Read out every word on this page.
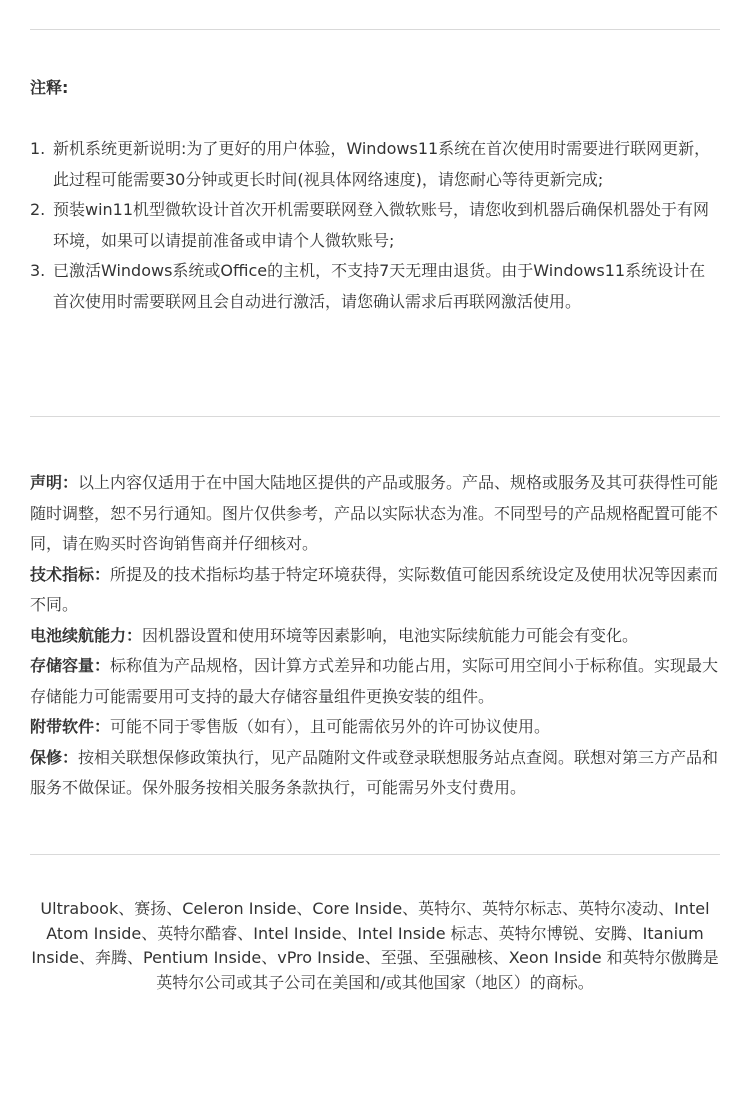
注释:
1. 新机系统更新说明:为了更好的用户体验，Windows11系统在首次使用时需要进行联网更新，此过程可能需要30分钟或更长时间(视具体网络速度)，请您耐心等待更新完成;
2. 预装win11机型微软设计首次开机需要联网登入微软账号，请您收到机器后确保机器处于有网环境，如果可以请提前准备或申请个人微软账号;
3. 已激活Windows系统或Office的主机，不支持7天无理由退货。由于Windows11系统设计在首次使用时需要联网且会自动进行激活，请您确认需求后再联网激活使用。

声明：以上内容仅适用于在中国大陆地区提供的产品或服务。产品、规格或服务及其可获得性可能随时调整，恕不另行通知。图片仅供参考，产品以实际状态为准。不同型号的产品规格配置可能不同，请在购买时咨询销售商并仔细核对。

技术指标：所提及的技术指标均基于特定环境获得，实际数值可能因系统设定及使用状况等因素而不同。

电池续航能力：因机器设置和使用环境等因素影响，电池实际续航能力可能会有变化。

存储容量：标称值为产品规格，因计算方式差异和功能占用，实际可用空间小于标称值。实现最大存储能力可能需要用可支持的最大存储容量组件更换安装的组件。

附带软件：可能不同于零售版（如有），且可能需依另外的许可协议使用。

保修：按相关联想保修政策执行，见产品随附文件或登录联想服务站点查阅。联想对第三方产品和服务不做保证。保外服务按相关服务条款执行，可能需另外支付费用。

Ultrabook、赛扬、Celeron Inside、Core Inside、英特尔、英特尔标志、英特尔凌动、Intel Atom Inside、英特尔酷睿、Intel Inside、Intel Inside 标志、英特尔博锐、安腾、Itanium Inside、奔腾、Pentium Inside、vPro Inside、至强、至强融核、Xeon Inside 和英特尔傲腾是英特尔公司或其子公司在美国和/或其他国家（地区）的商标。
